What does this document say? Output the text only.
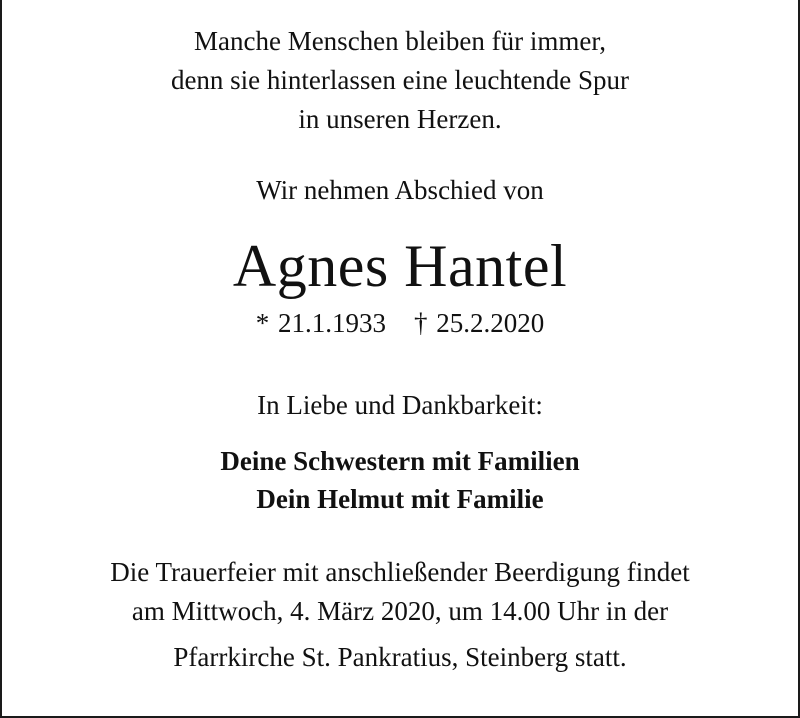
Manche Menschen bleiben für immer,
denn sie hinterlassen eine leuchtende Spur
in unseren Herzen.
Wir nehmen Abschied von
Agnes Hantel
* 21.1.1933 † 25.2.2020
In Liebe und Dankbarkeit:
Deine Schwestern mit Familien
Dein Helmut mit Familie
Die Trauerfeier mit anschließender Beerdigung findet
am Mittwoch, 4. März 2020, um 14.00 Uhr in der
Pfarrkirche St. Pankratius, Steinberg statt.
